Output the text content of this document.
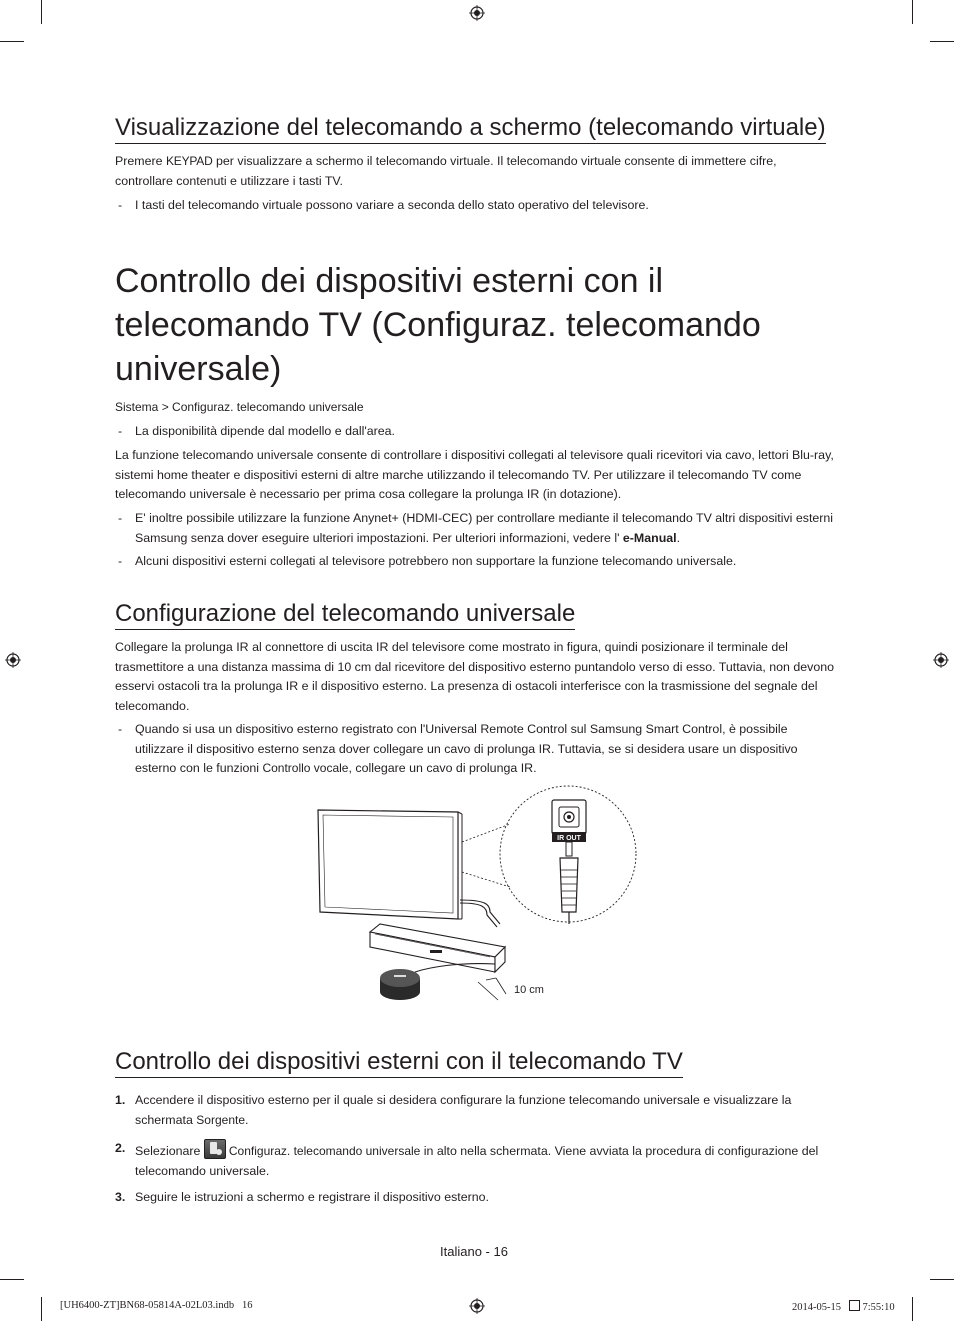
Visualizzazione del telecomando a schermo (telecomando virtuale)
Premere KEYPAD per visualizzare a schermo il telecomando virtuale. Il telecomando virtuale consente di immettere cifre, controllare contenuti e utilizzare i tasti TV.
- I tasti del telecomando virtuale possono variare a seconda dello stato operativo del televisore.
Controllo dei dispositivi esterni con il telecomando TV (Configuraz. telecomando universale)
Sistema > Configuraz. telecomando universale
- La disponibilità dipende dal modello e dall'area.
La funzione telecomando universale consente di controllare i dispositivi collegati al televisore quali ricevitori via cavo, lettori Blu-ray, sistemi home theater e dispositivi esterni di altre marche utilizzando il telecomando TV. Per utilizzare il telecomando TV come telecomando universale è necessario per prima cosa collegare la prolunga IR (in dotazione).
- E' inoltre possibile utilizzare la funzione Anynet+ (HDMI-CEC) per controllare mediante il telecomando TV altri dispositivi esterni Samsung senza dover eseguire ulteriori impostazioni. Per ulteriori informazioni, vedere l' e-Manual.
- Alcuni dispositivi esterni collegati al televisore potrebbero non supportare la funzione telecomando universale.
Configurazione del telecomando universale
Collegare la prolunga IR al connettore di uscita IR del televisore come mostrato in figura, quindi posizionare il terminale del trasmettitore a una distanza massima di 10 cm dal ricevitore del dispositivo esterno puntandolo verso di esso. Tuttavia, non devono esservi ostacoli tra la prolunga IR e il dispositivo esterno. La presenza di ostacoli interferisce con la trasmissione del segnale del telecomando.
- Quando si usa un dispositivo esterno registrato con l'Universal Remote Control sul Samsung Smart Control, è possibile utilizzare il dispositivo esterno senza dover collegare un cavo di prolunga IR. Tuttavia, se si desidera usare un dispositivo esterno con le funzioni Controllo vocale, collegare un cavo di prolunga IR.
IR OUT
10 cm
Controllo dei dispositivi esterni con il telecomando TV
1. Accendere il dispositivo esterno per il quale si desidera configurare la funzione telecomando universale e visualizzare la schermata Sorgente.
2. Selezionare
Configuraz. telecomando universale in alto nella schermata. Viene avviata la procedura di configurazione del telecomando universale.
3. Seguire le istruzioni a schermo e registrare il dispositivo esterno.
Italiano - 16
[UH6400-ZT]BN68-05814A-02L03.indb   16	2014-05-15    7:55:10
